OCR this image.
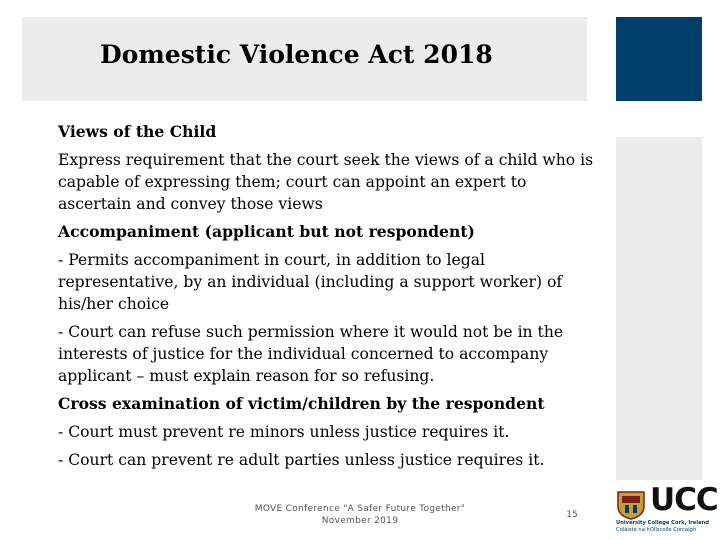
Domestic Violence Act 2018

Views of the Child

Express requirement that the court seek the views of a child who is capable of expressing them; court can appoint an expert to ascertain and convey those views

Accompaniment (applicant but not respondent)

- Permits accompaniment in court, in addition to legal representative, by an individual (including a support worker) of his/her choice

- Court can refuse such permission where it would not be in the interests of justice for the individual concerned to accompany applicant – must explain reason for so refusing.

Cross examination of victim/children by the respondent

- Court must prevent re minors unless justice requires it.

- Court can prevent re adult parties unless justice requires it.

MOVE Conference "A Safer Future Together"
November 2019
15 UCC
University College Cork, Ireland
Coláiste na hOllscoile Corcaigh
